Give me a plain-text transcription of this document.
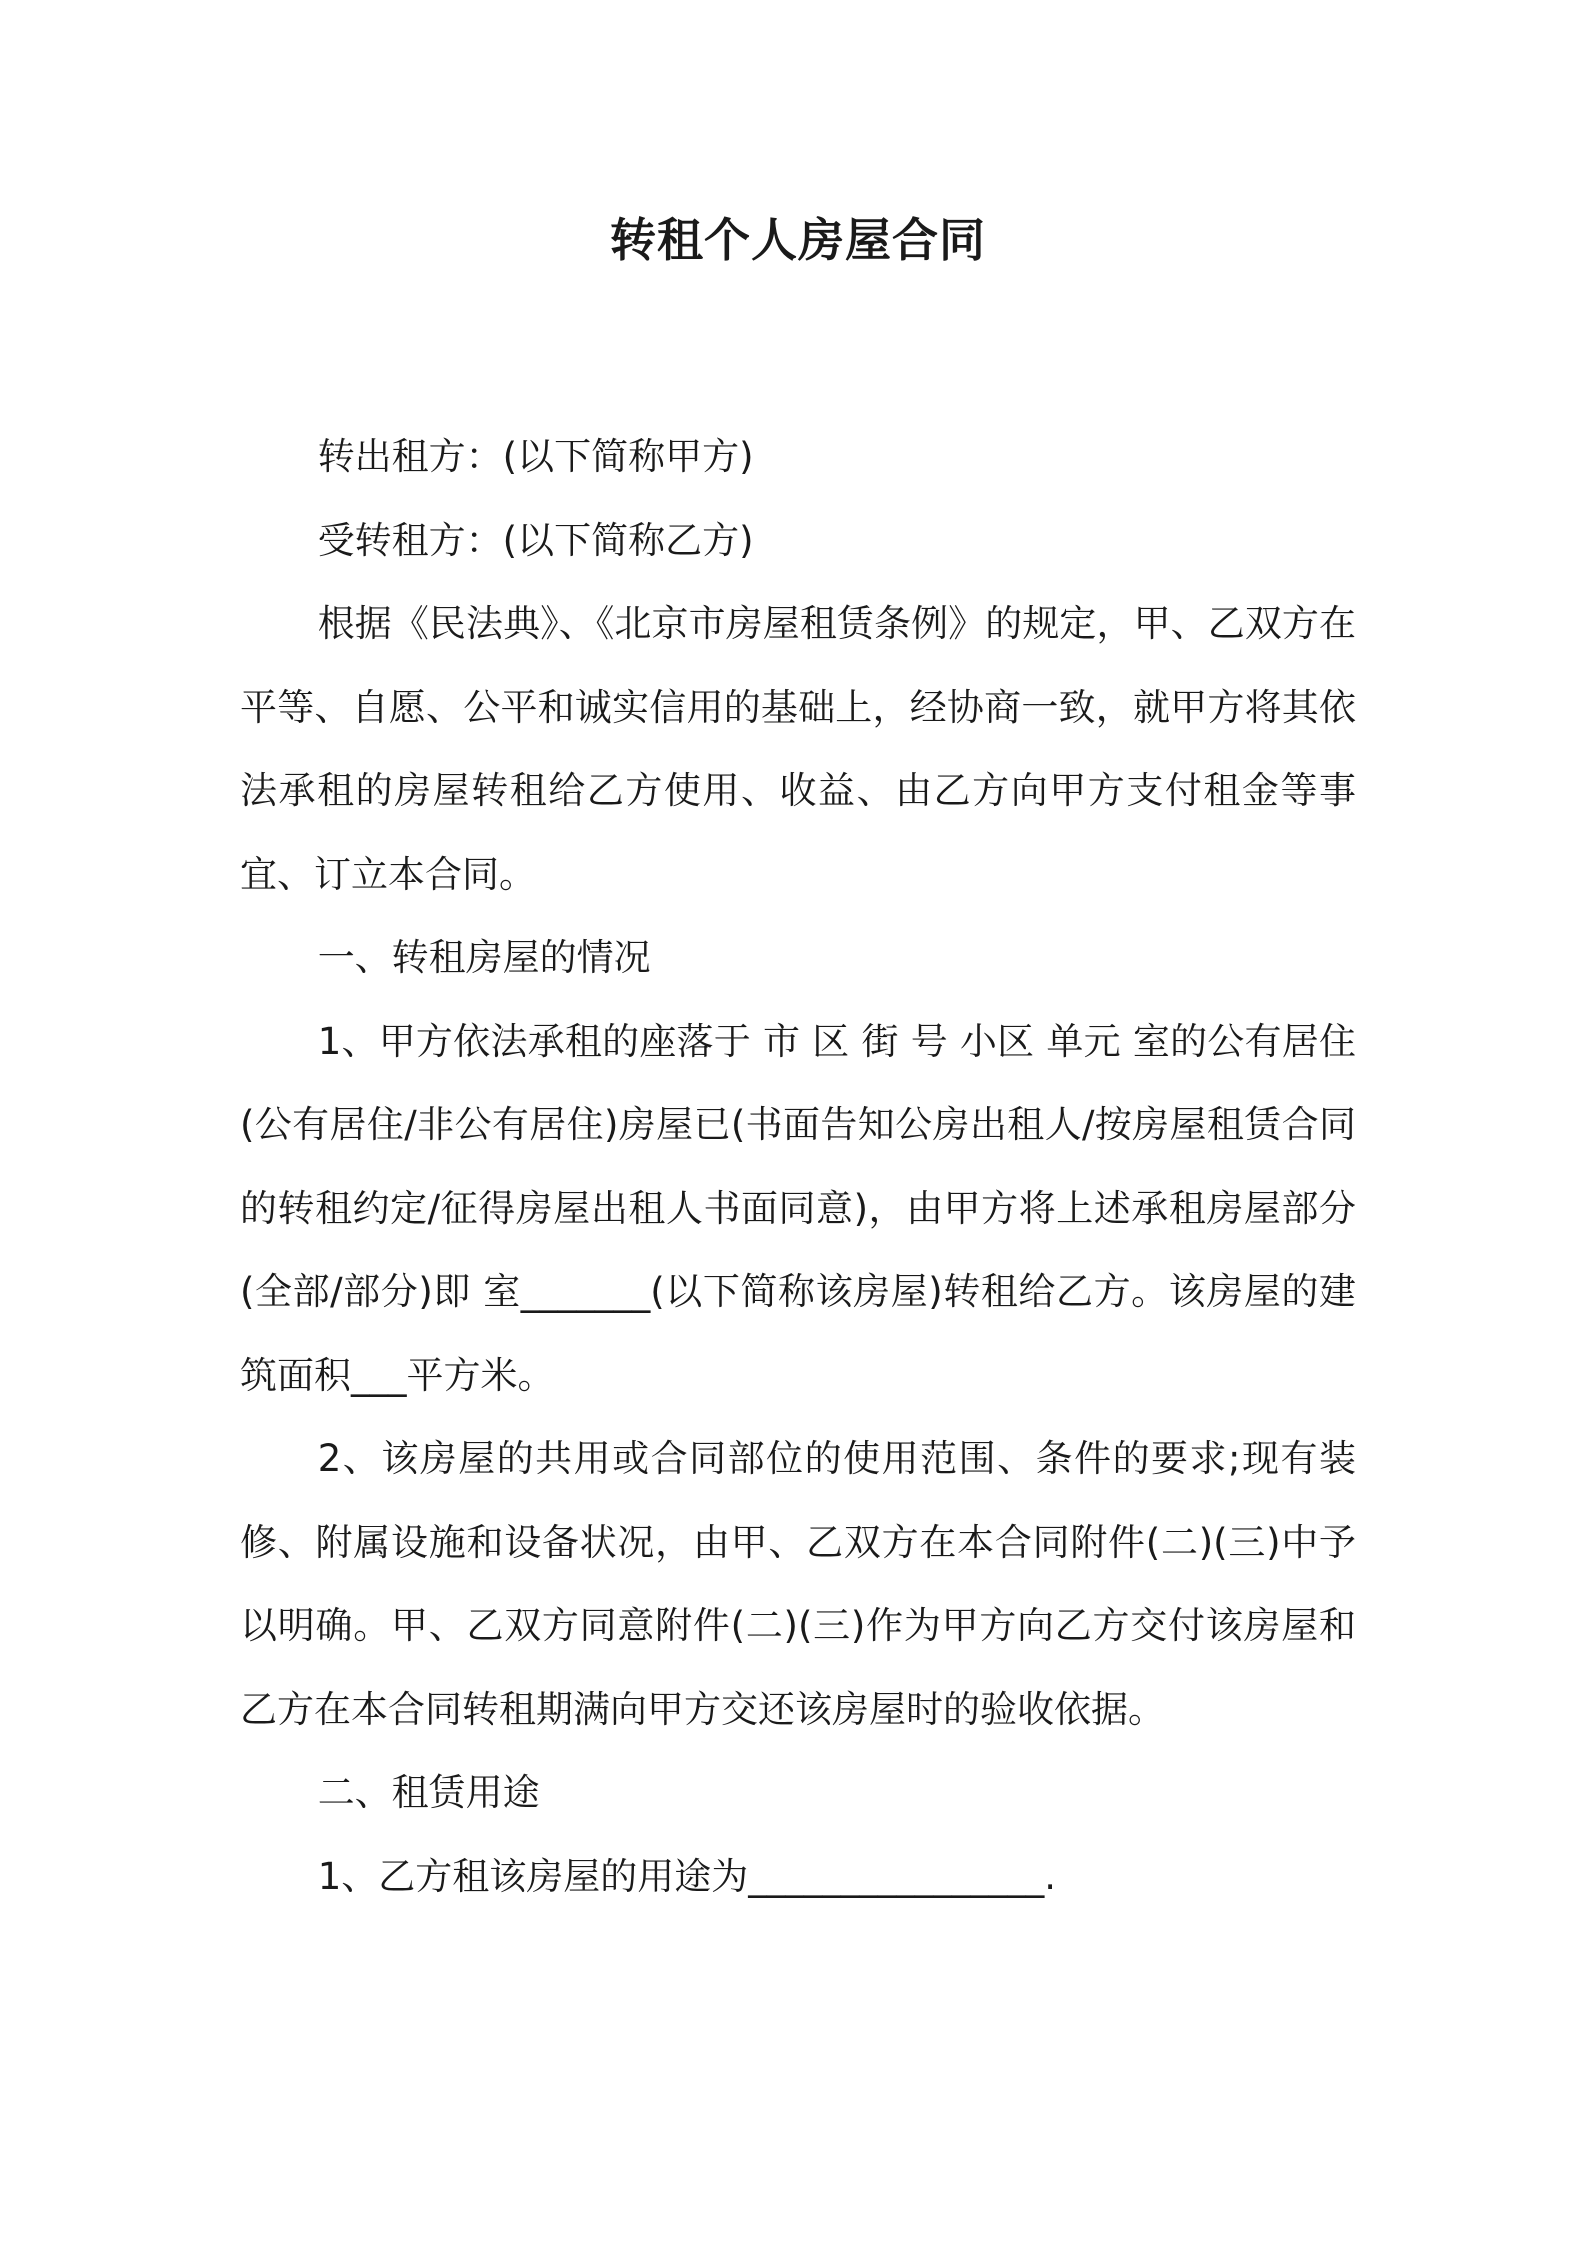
转租个人房屋合同

转出租方：(以下简称甲方)

受转租方：(以下简称乙方)

根据《民法典》、《北京市房屋租赁条例》的规定，甲、乙双方在平等、自愿、公平和诚实信用的基础上，经协商一致，就甲方将其依法承租的房屋转租给乙方使用、收益、由乙方向甲方支付租金等事宜、订立本合同。

一、转租房屋的情况

1、甲方依法承租的座落于 市 区 街 号 小区 单元 室的公有居住(公有居住/非公有居住)房屋已(书面告知公房出租人/按房屋租赁合同的转租约定/征得房屋出租人书面同意)，由甲方将上述承租房屋部分(全部/部分)即 室_______(以下简称该房屋)转租给乙方。该房屋的建筑面积___平方米。

2、该房屋的共用或合同部位的使用范围、条件的要求;现有装修、附属设施和设备状况，由甲、乙双方在本合同附件(二)(三)中予以明确。甲、乙双方同意附件(二)(三)作为甲方向乙方交付该房屋和乙方在本合同转租期满向甲方交还该房屋时的验收依据。

二、租赁用途

1、乙方租该房屋的用途为________________.
